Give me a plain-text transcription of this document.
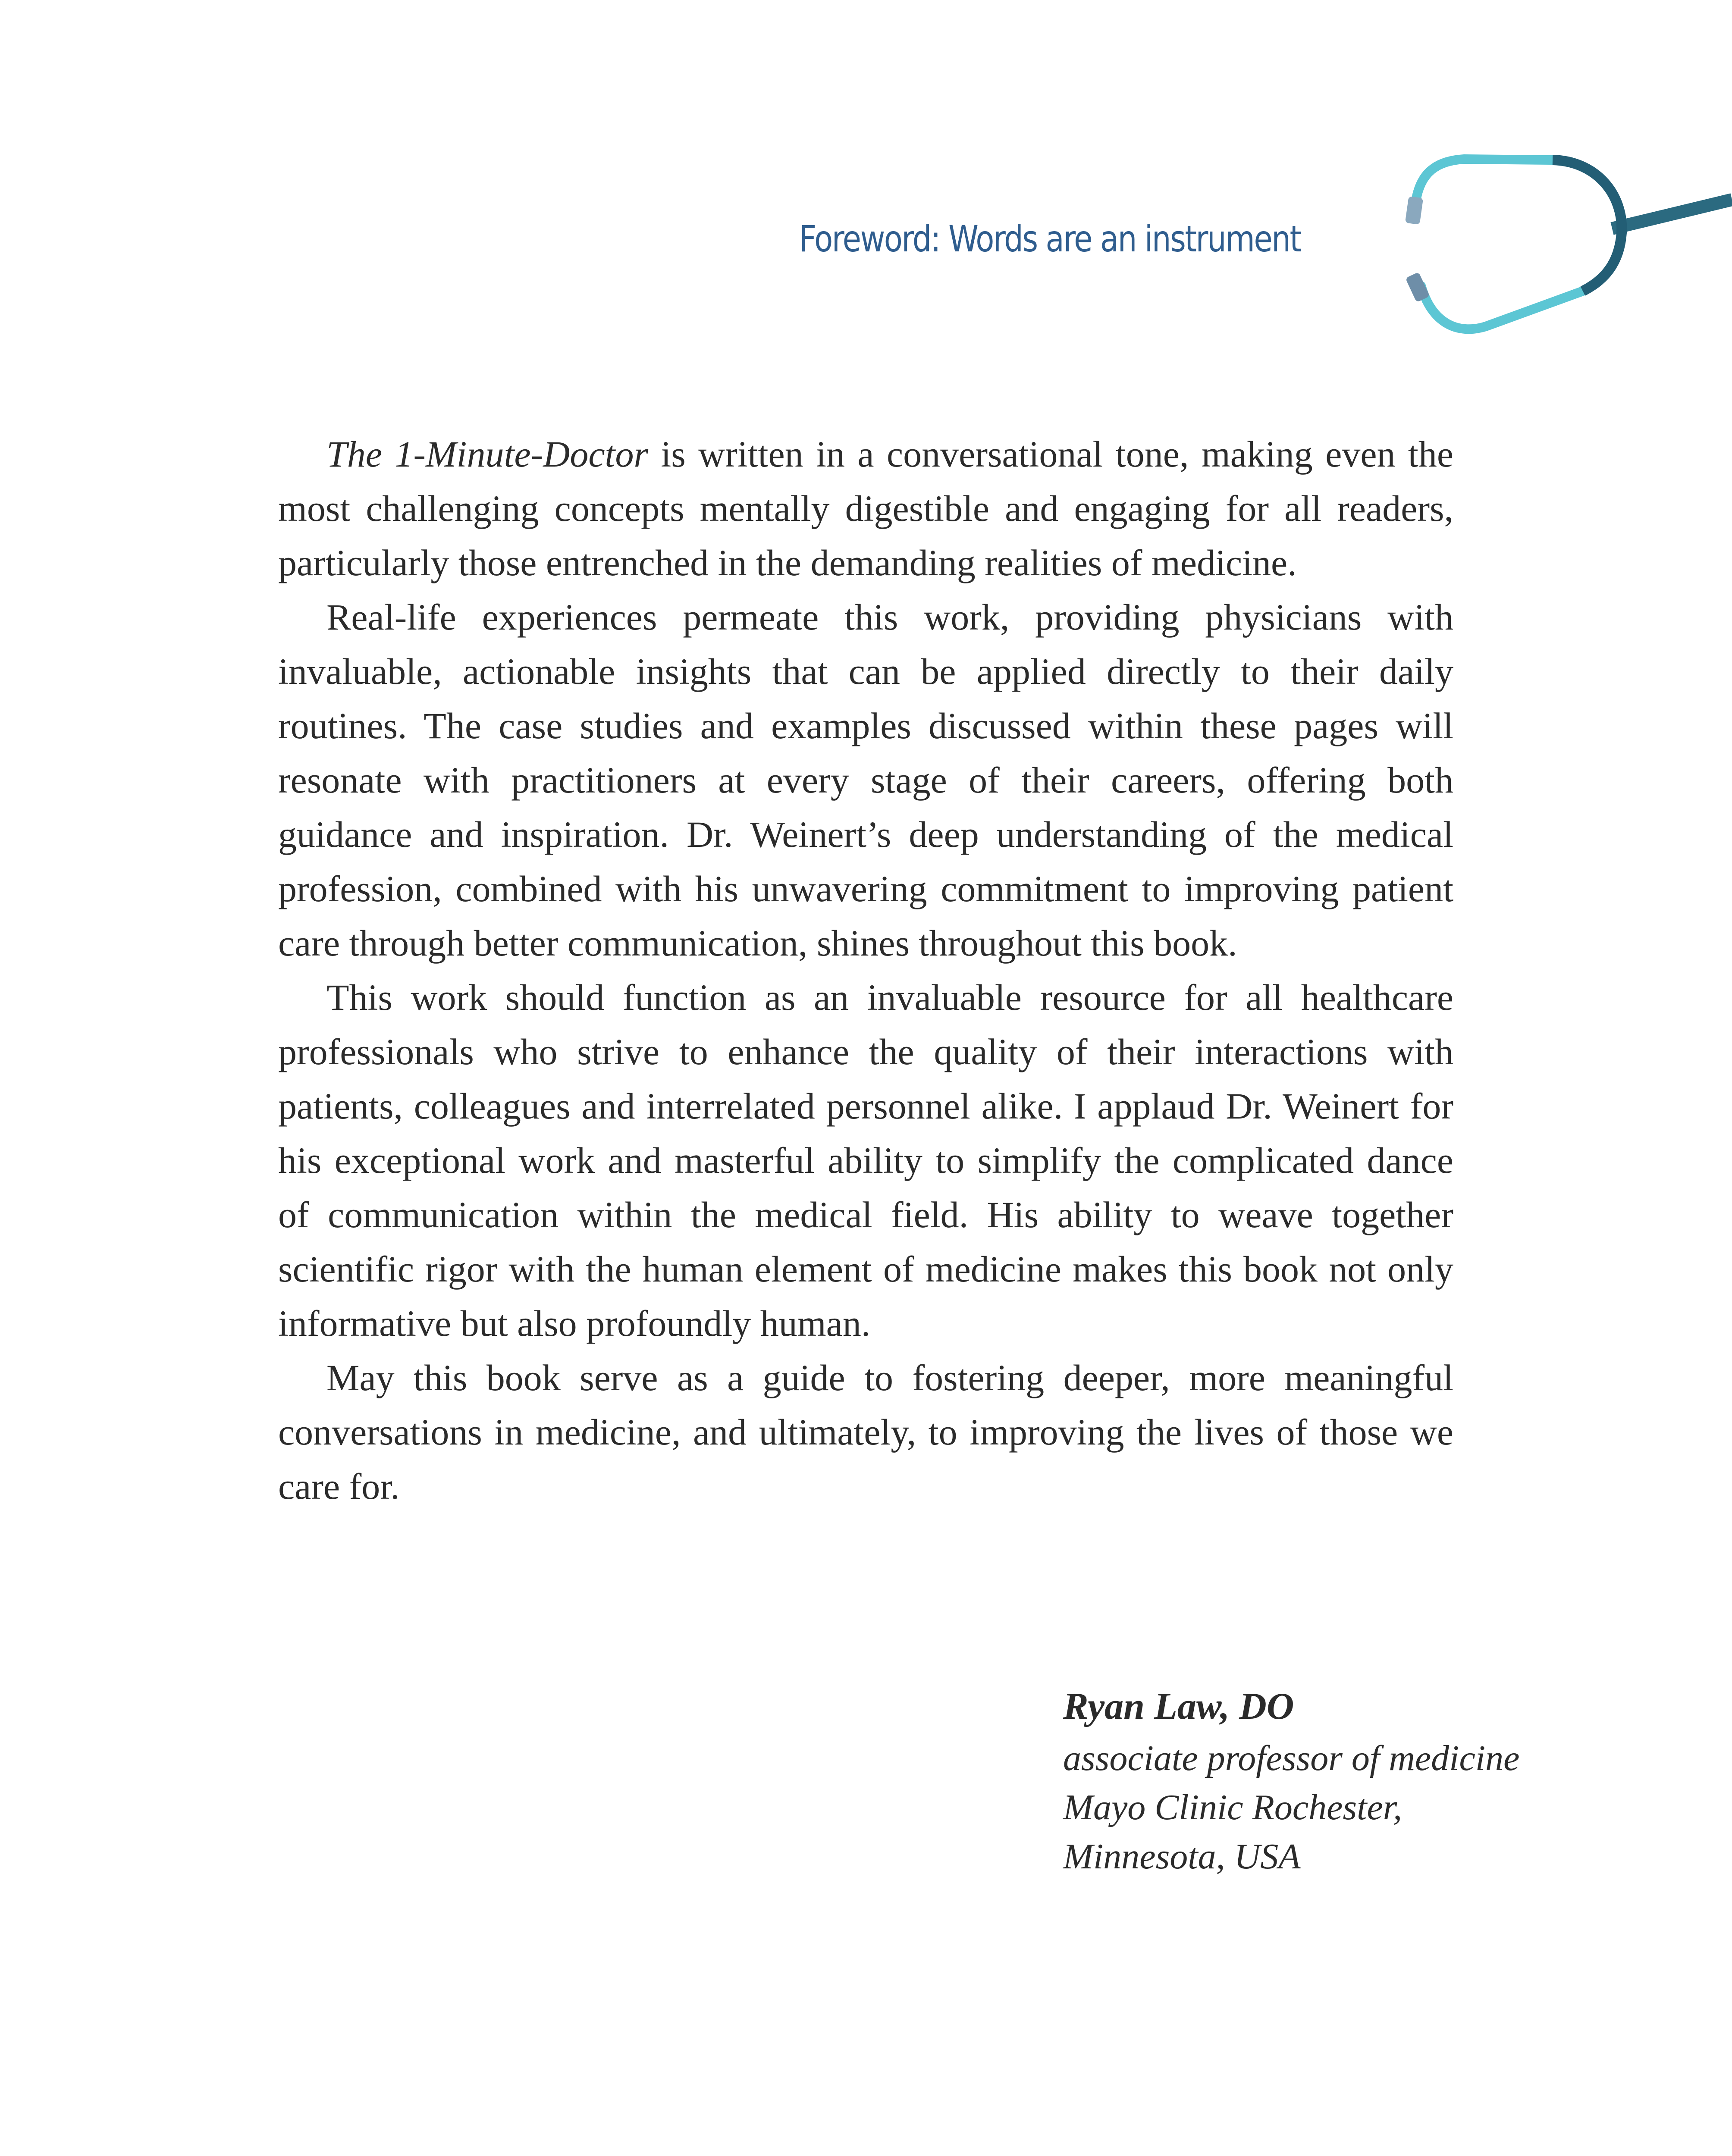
Foreword: Words are an instrument

The 1-Minute-Doctor is written in a conversational tone, making even the most challenging concepts mentally digestible and engaging for all readers, particularly those entrenched in the demanding realities of medicine.

Real-life experiences permeate this work, providing physicians with invaluable, actionable insights that can be applied directly to their daily routines. The case studies and examples discussed within these pages will resonate with practitioners at every stage of their careers, offering both guidance and inspiration. Dr. Weinert’s deep understanding of the medical profession, combined with his unwavering commitment to improving patient care through better communication, shines throughout this book.

This work should function as an invaluable resource for all healthcare professionals who strive to enhance the quality of their interactions with patients, colleagues and interrelated personnel alike. I applaud Dr. Weinert for his exceptional work and masterful ability to simplify the complicated dance of communication within the medical field. His ability to weave together scientific rigor with the human element of medicine makes this book not only informative but also profoundly human.

May this book serve as a guide to fostering deeper, more meaningful conversations in medicine, and ultimately, to improving the lives of those we care for.

Ryan Law, DO
associate professor of medicine
Mayo Clinic Rochester,
Minnesota, USA
